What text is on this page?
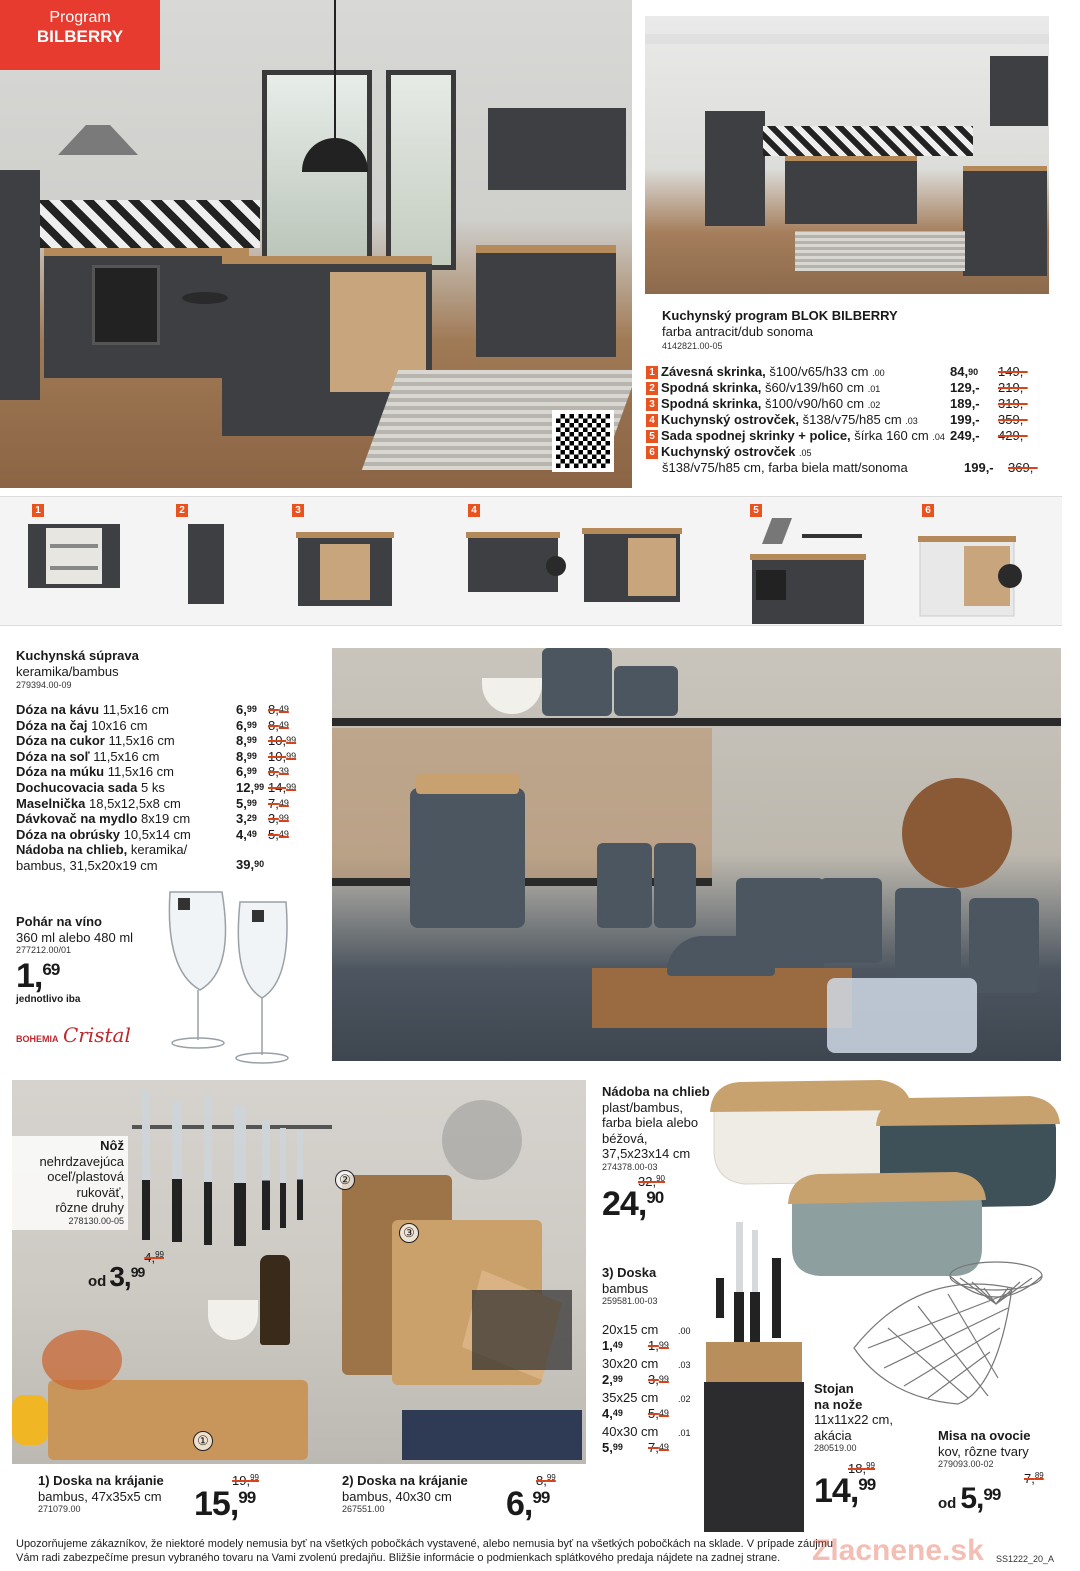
Program
BILBERRY
Kuchynský program BLOK BILBERRY
farba antracit/dub sonoma
4142821.00-05
1 Závesná skrinka, š100/v65/h33 cm .00	84,90 149,-
2 Spodná skrinka, š60/v139/h60 cm .01	129,- 219,-
3 Spodná skrinka, š100/v90/h60 cm .02	189,- 319,-
4 Kuchynský ostrovček, š138/v75/h85 cm .03 199,- 359,-
5 Sada spodnej skrinky + police, šírka 160 cm .04 249,- 429,-
6 Kuchynský ostrovček .05
š138/v75/h85 cm, farba biela matt/sonoma	199,- 369,-
1	2	3	4	5	6
Kuchynská súprava
keramika/bambus
279394.00-09
Dóza na kávu 11,5x16 cm	6,99	8,49
Dóza na čaj 10x16 cm	6,99	8,49
Dóza na cukor 11,5x16 cm	8,99	10,99
Dóza na soľ 11,5x16 cm	8,99	10,99
Dóza na múku 11,5x16 cm	6,99	8,39
Dochucovacia sada 5 ks	12,99	14,99
Maselnička 18,5x12,5x8 cm	5,99	7,49
Dávkovač na mydlo 8x19 cm	3,29	3,99
Dóza na obrúsky 10,5x14 cm	4,49	5,49
Nádoba na chlieb, keramika/
bambus, 31,5x20x19 cm	39,90
Pohár na víno
360 ml alebo 480 ml
277212.00/01
1,69
jednotlivo iba
BOHEMIA Cristal
①
②
③
Nôž
nehrdzavejúca
oceľ/plastová
rukoväť,
rôzne druhy
278130.00-05
4,99
od 3,99
1) Doska na krájanie
bambus, 47x35x5 cm
271079.00
19,99
15,99
2) Doska na krájanie
bambus, 40x30 cm
267551.00
8,99
6,99
Nádoba na chlieb
plast/bambus,
farba biela alebo
béžová,
37,5x23x14 cm
274378.00-03
32,90
24,90
3) Doska
bambus
259581.00-03
20x15 cm .00
1,49 1,99
30x20 cm .03
2,99 3,99
35x25 cm .02
4,49 5,49
40x30 cm .01
5,99 7,49
Stojan
na nože
11x11x22 cm,
akácia
280519.00
18,99
14,99
Misa na ovocie
kov, rôzne tvary
279093.00-02
7,89
od 5,99
Upozorňujeme zákazníkov, že niektoré modely nemusia byť na všetkých pobočkách vystavené, alebo nemusia byť na všetkých pobočkách na sklade. V prípade záujmu
Vám radi zabezpečíme presun vybraného tovaru na Vami zvolenú predajňu. Bližšie informácie o podmienkach splátkového predaja nájdete na zadnej strane.	Zlacnene.sk SS1222_20_A
